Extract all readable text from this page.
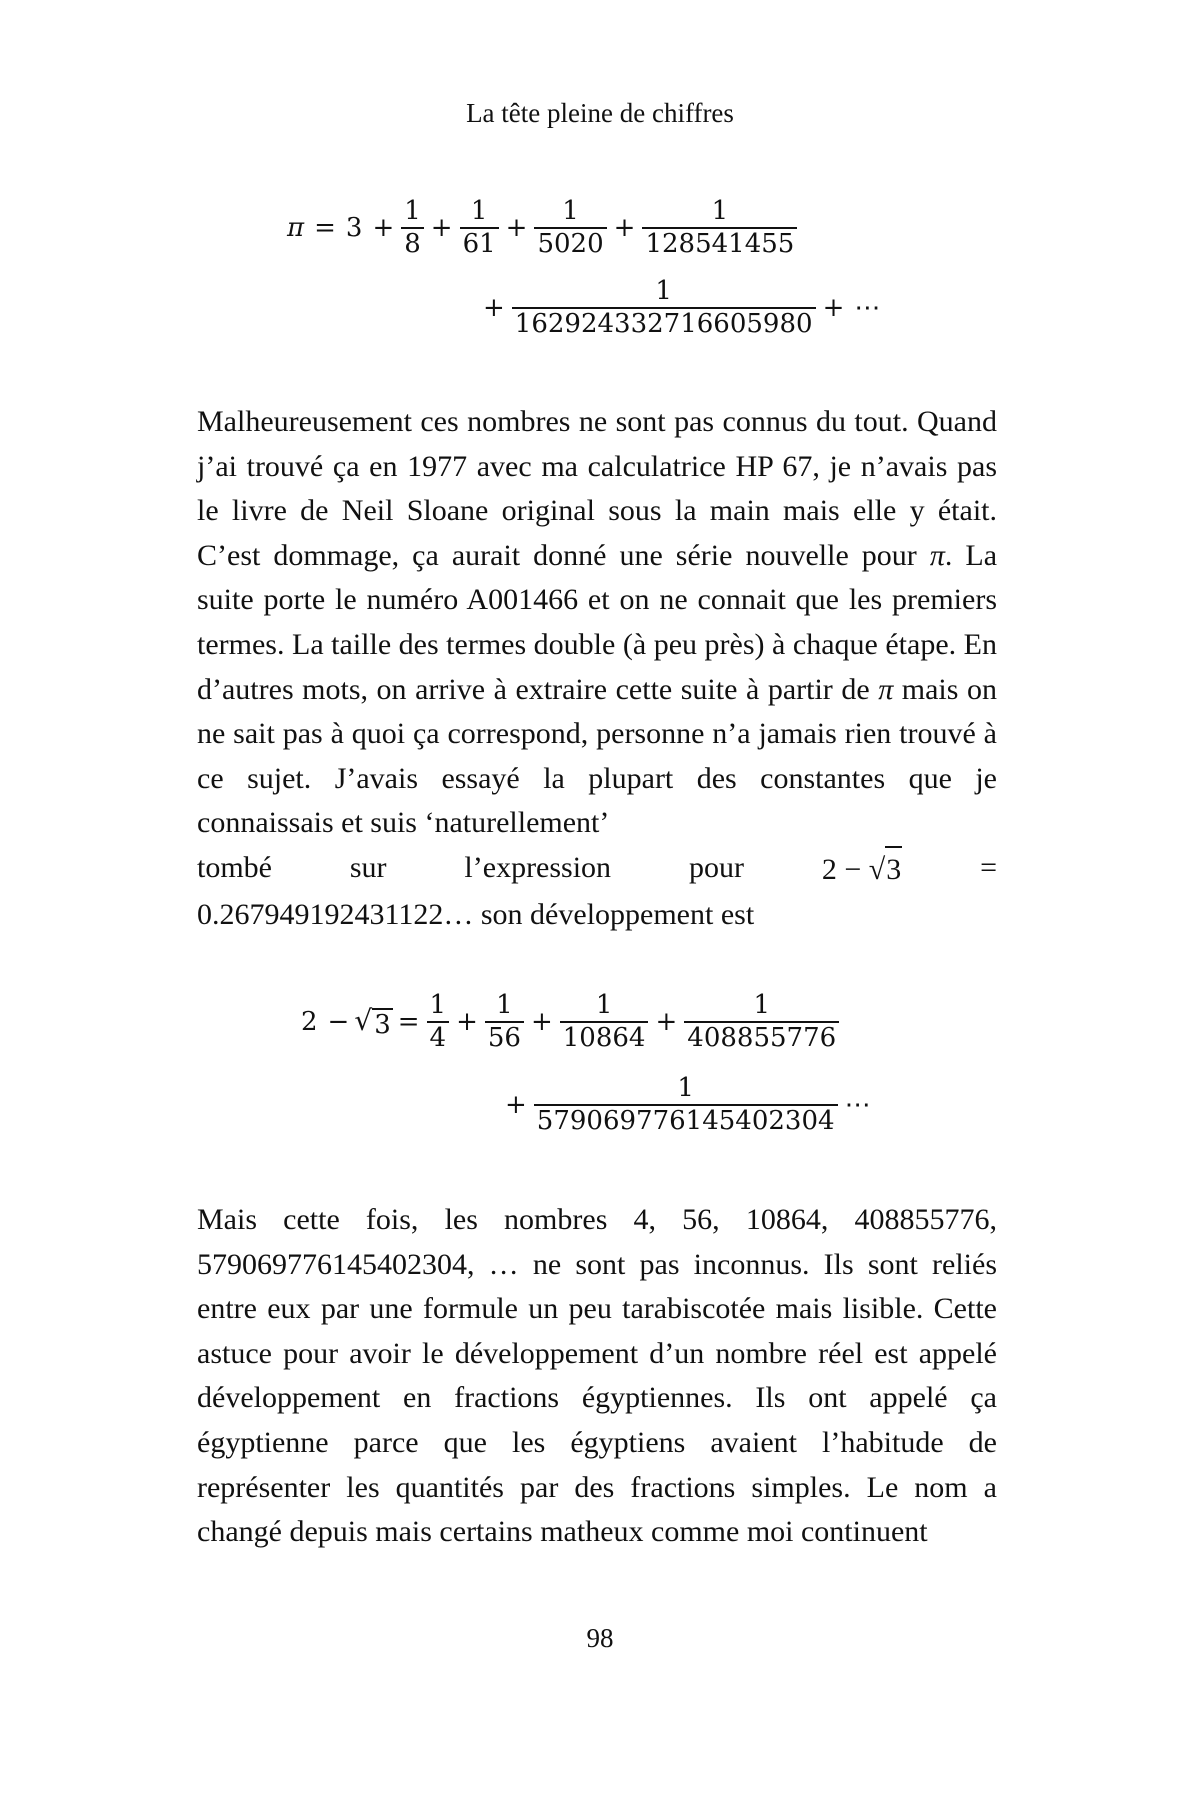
La tête pleine de chiffres
$\pi = 3 + \frac{1}{8} + \frac{1}{61} + \frac{1}{5020} + \frac{1}{128541455}$
+ $\frac{1}{162924332716605980}$ + ⋯
Malheureusement ces nombres ne sont pas connus du tout. Quand j’ai trouvé ça en 1977 avec ma calculatrice HP 67, je n’avais pas le livre de Neil Sloane original sous la main mais elle y était. C’est dommage, ça aurait donné une série nouvelle pour π. La suite porte le numéro A001466 et on ne connait que les premiers termes. La taille des termes double (à peu près) à chaque étape. En d’autres mots, on arrive à extraire cette suite à partir de π mais on ne sait pas à quoi ça correspond, personne n’a jamais rien trouvé à ce sujet. J’avais essayé la plupart des constantes que je connaissais et suis ‘naturellement’
tombé	sur	l’expression	pour	2 − √ 3	=
0.267949192431122… son développement est
2 − √ $3 = \frac{1}{4} + \frac{1}{56} + \frac{1}{10864} + \frac{1}{408855776}$
+ $\frac{1}{579069776145402304}$ ⋯

Mais cette fois, les nombres 4, 56, 10864, 408855776, 579069776145402304, … ne sont pas inconnus. Ils sont reliés entre eux par une formule un peu tarabiscotée mais lisible. Cette astuce pour avoir le développement d’un nombre réel est appelé développement en fractions égyptiennes. Ils ont appelé ça égyptienne parce que les égyptiens avaient l’habitude de représenter les quantités par des fractions simples. Le nom a changé depuis mais certains matheux comme moi continuent

98
